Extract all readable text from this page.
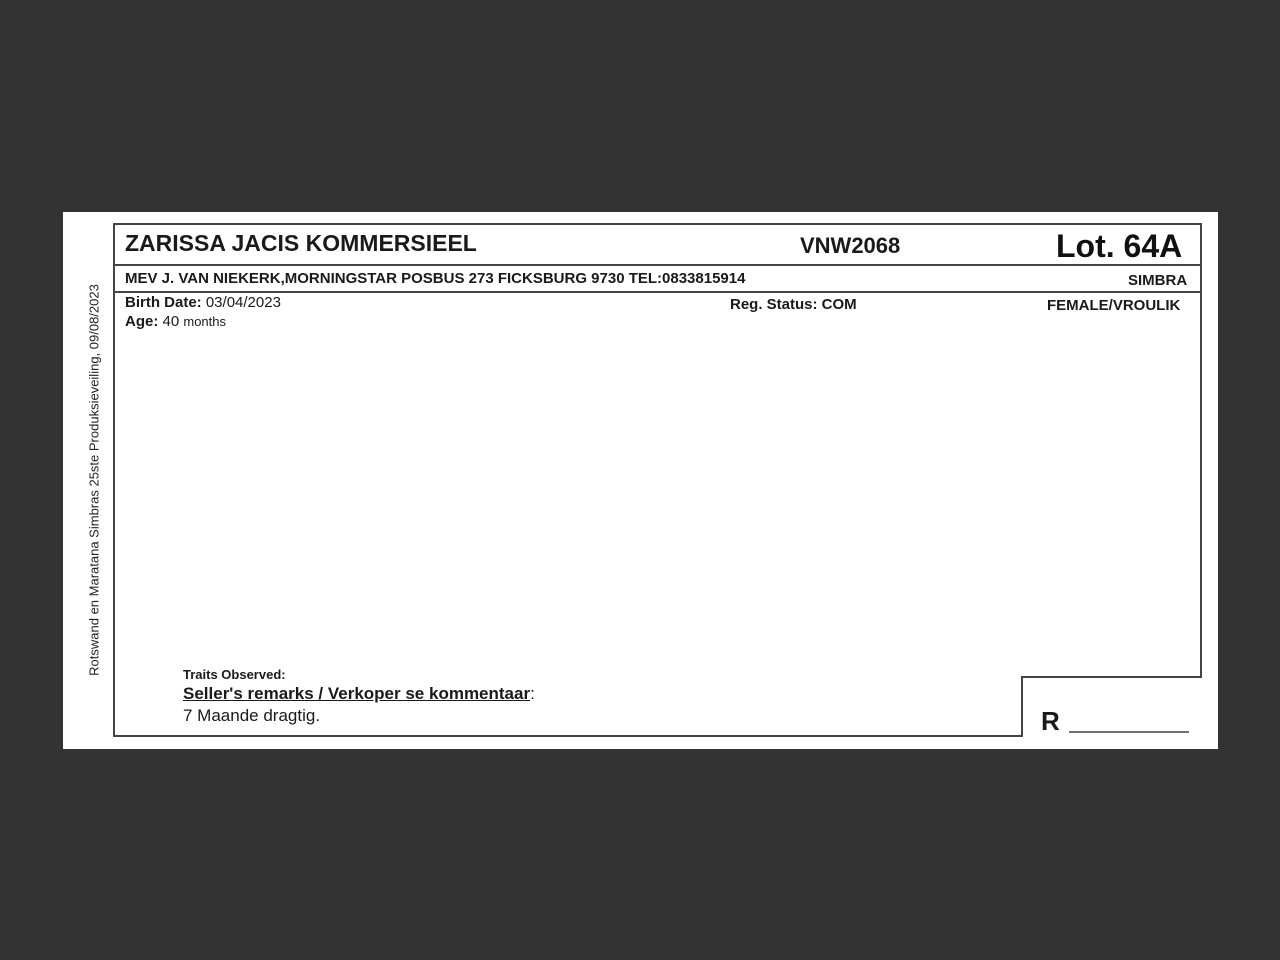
Rotswand en Maratana Simbras 25ste Produksieveiling, 09/08/2023
ZARISSA JACIS KOMMERSIEEL	VNW2068	Lot. 64A
MEV J. VAN NIEKERK,MORNINGSTAR POSBUS 273 FICKSBURG 9730 TEL:0833815914	SIMBRA
Birth Date: 03/04/2023
Age: 40 months
Reg. Status: COM	FEMALE/VROULIK
Traits Observed:
Seller's remarks / Verkoper se kommentaar:
7 Maande dragtig.	R
